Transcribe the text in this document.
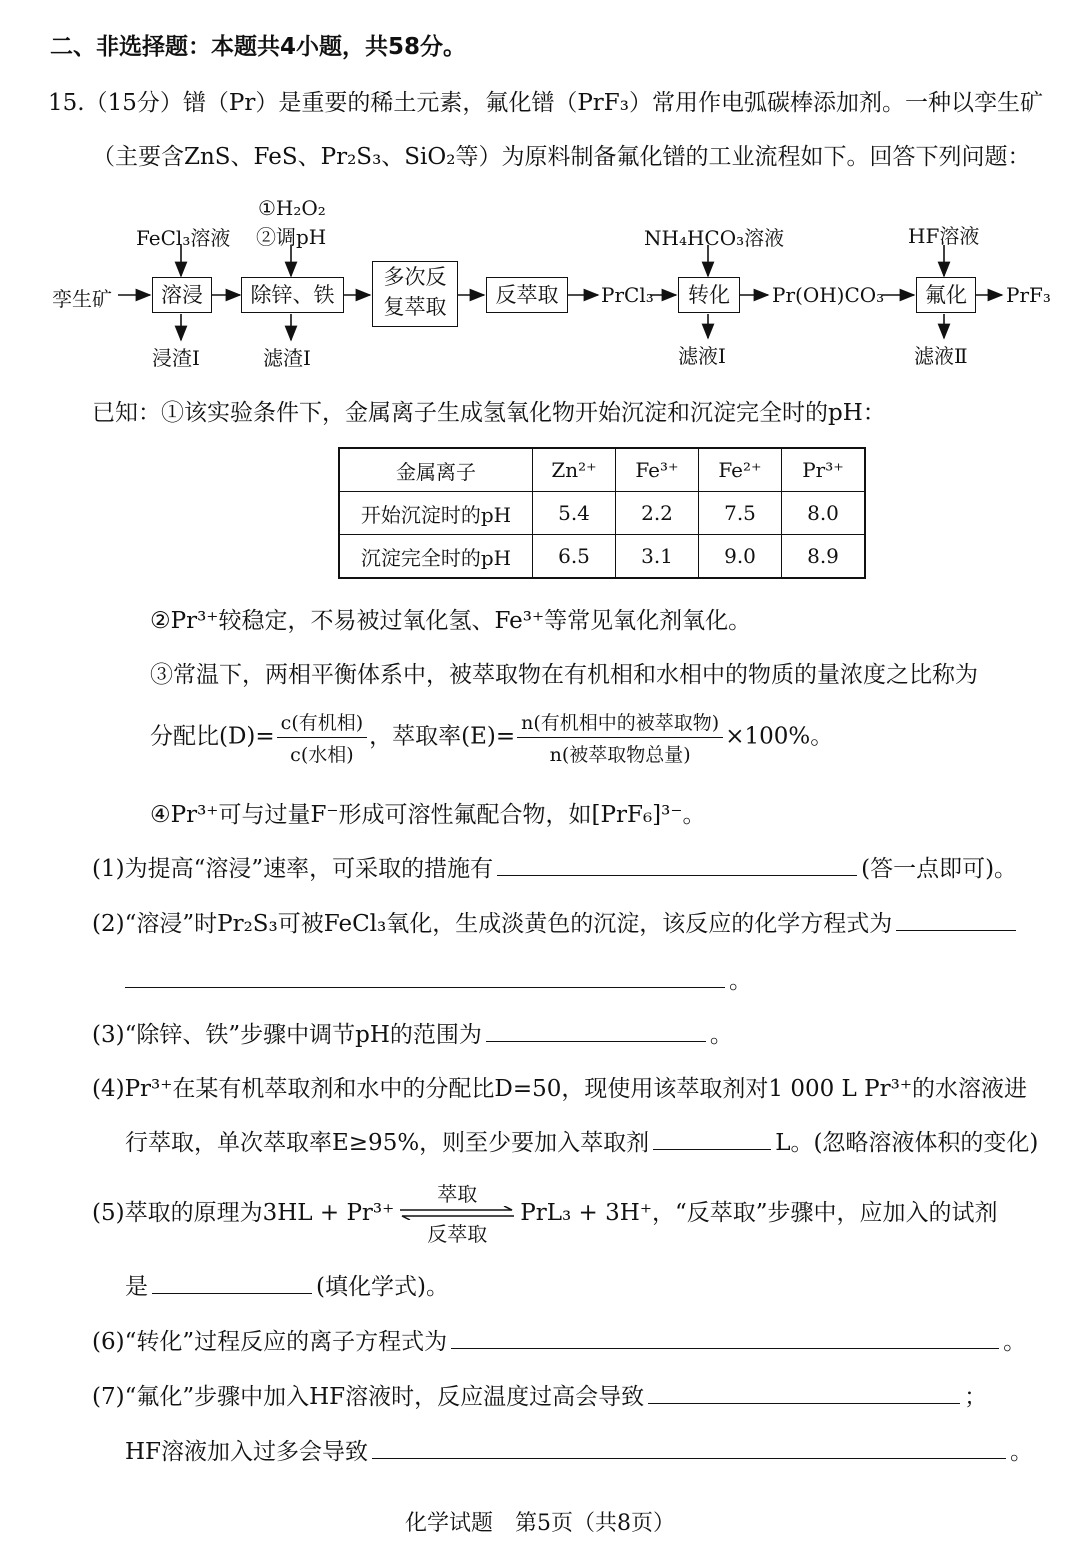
二、非选择题：本题共4小题，共58分。
15.（15分）镨（Pr）是重要的稀土元素，氟化镨（PrF₃）常用作电弧碳棒添加剂。一种以孪生矿
（主要含ZnS、FeS、Pr₂S₃、SiO₂等）为原料制备氟化镨的工业流程如下。回答下列问题：
孪生矿	溶浸	除锌、铁
多次反
复萃取	反萃取	PrCl₃	转化	Pr(OH)CO₃	氟化	PrF₃
FeCl₃溶液
①H₂O₂
②调pH	NH₄HCO₃溶液	HF溶液
浸渣I	滤渣I	滤液I	滤液Ⅱ
已知：①该实验条件下，金属离子生成氢氧化物开始沉淀和沉淀完全时的pH：
金属离子	Zn²⁺	Fe³⁺	Fe²⁺	Pr³⁺
开始沉淀时的pH	5.4	2.2	7.5	8.0
沉淀完全时的pH	6.5	3.1	9.0	8.9
②Pr³⁺较稳定，不易被过氧化氢、Fe³⁺等常见氧化剂氧化。
③常温下，两相平衡体系中，被萃取物在有机相和水相中的物质的量浓度之比称为
分配比$(D)= \frac{\text{c(有机相)}}{\text{c(水相)}}$ ，萃取率$(E)= \frac{\text{n(有机相中的被萃取物)}}{\text{n(被萃取物总量)}} \times 100\%$。
④Pr³⁺可与过量F⁻形成可溶性氟配合物，如[PrF₆]³⁻。
(1)为提高“溶浸”速率，可采取的措施有	(答一点即可)。
(2)“溶浸”时Pr₂S₃可被FeCl₃氧化，生成淡黄色的沉淀，该反应的化学方程式为
。
(3)“除锌、铁”步骤中调节pH的范围为	。
(4)Pr³⁺在某有机萃取剂和水中的分配比D=50，现使用该萃取剂对1 000 L Pr³⁺的水溶液进
行萃取，单次萃取率E≥95%，则至少要加入萃取剂	L。(忽略溶液体积的变化)
(5)萃取的原理为3HL + Pr³⁺
萃取
反萃取
PrL₃ + 3H⁺，“反萃取”步骤中，应加入的试剂
是	(填化学式)。
(6)“转化”过程反应的离子方程式为	。
(7)“氟化”步骤中加入HF溶液时，反应温度过高会导致	；
HF溶液加入过多会导致	。
化学试题　第5页（共8页）
